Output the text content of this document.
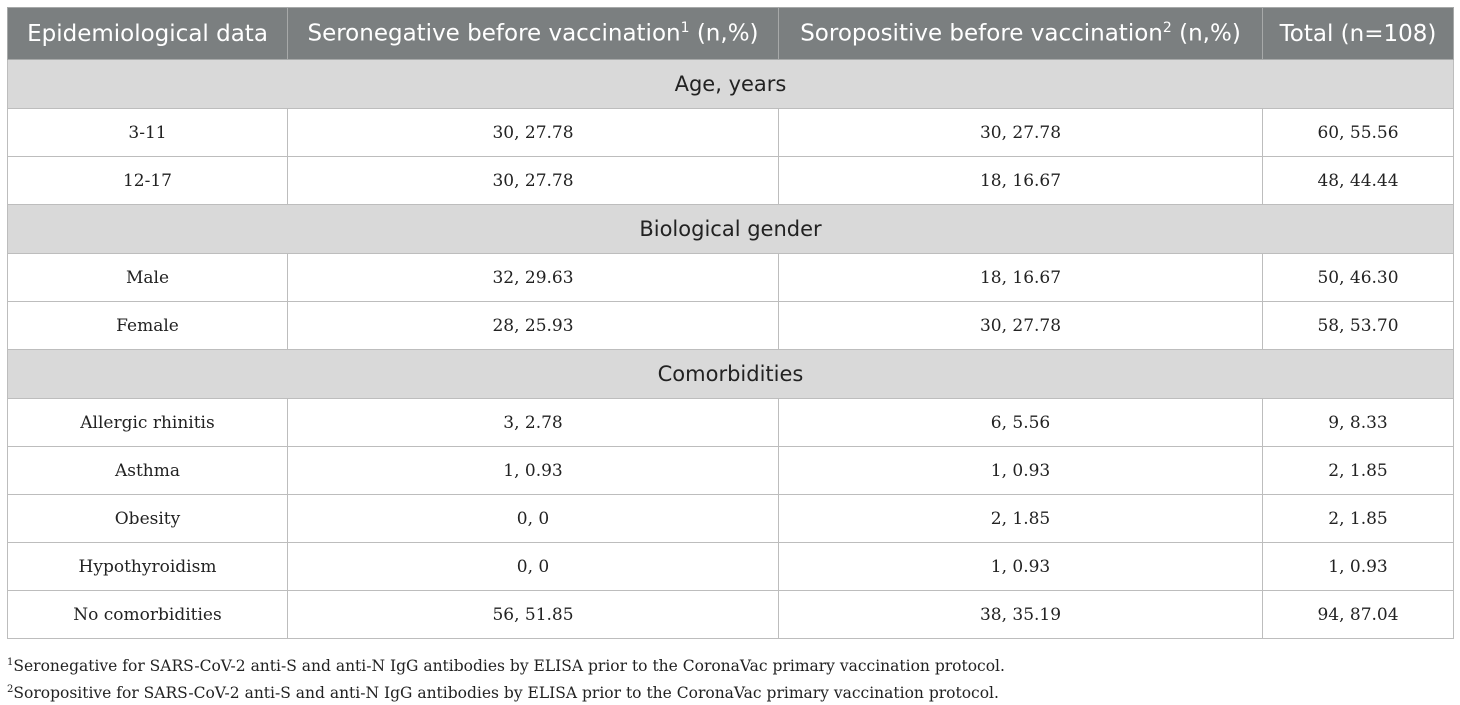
Epidemiological data	Seronegative before vaccination$^1$ (n,%)	Soropositive before vaccination$^2$ (n,%)	Total (n=108)
Age, years			
3-11	30, 27.78	30, 27.78	60, 55.56
12-17	30, 27.78	18, 16.67	48, 44.44
Biological gender			
Male	32, 29.63	18, 16.67	50, 46.30
Female	28, 25.93	30, 27.78	58, 53.70
Comorbidities			
Allergic rhinitis	3, 2.78	6, 5.56	9, 8.33
Asthma	1, 0.93	1, 0.93	2, 1.85
Obesity	0, 0	2, 1.85	2, 1.85
Hypothyroidism	0, 0	1, 0.93	1, 0.93
No comorbidities	56, 51.85	38, 35.19	94, 87.04
$^1$Seronegative for SARS-CoV-2 anti-S and anti-N IgG antibodies by ELISA prior to the CoronaVac primary vaccination protocol.
$^2$Soropositive for SARS-CoV-2 anti-S and anti-N IgG antibodies by ELISA prior to the CoronaVac primary vaccination protocol.
